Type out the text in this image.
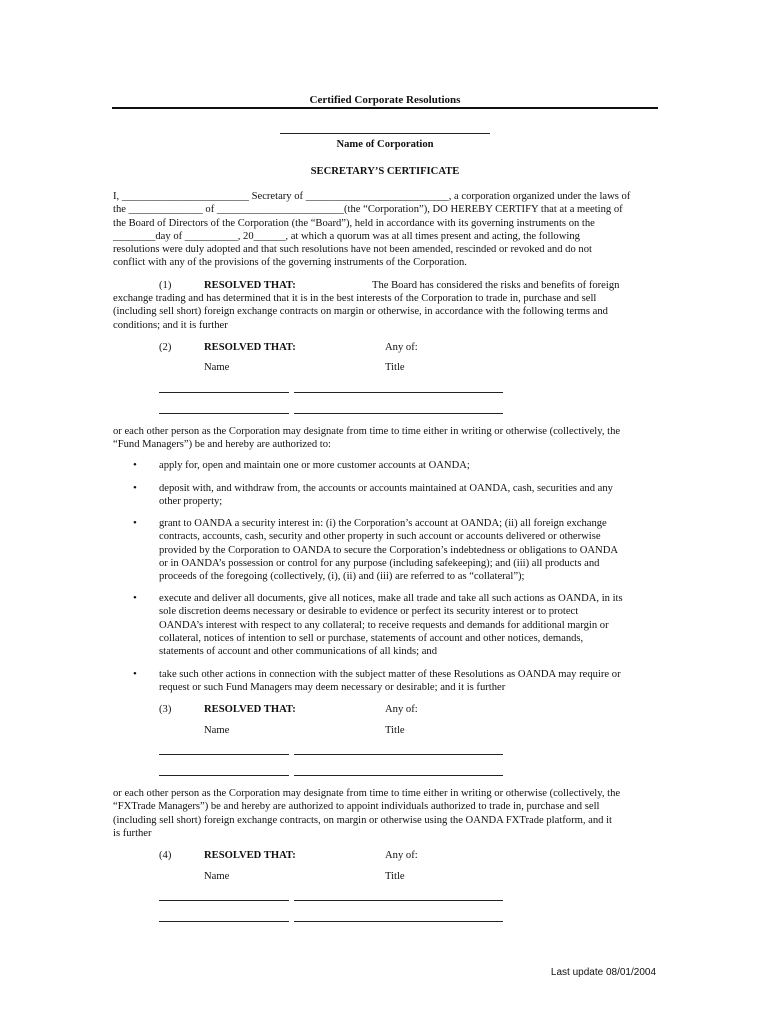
Certified Corporate Resolutions
Name of Corporation
SECRETARY’S CERTIFICATE
I, ________________________ Secretary of ___________________________, a corporation organized under the laws of
the ______________ of ________________________(the “Corporation”), DO HEREBY CERTIFY that at a meeting of
the Board of Directors of the Corporation (the “Board”), held in accordance with its governing instruments on the
________day of __________, 20______, at which a quorum was at all times present and acting, the following
resolutions were duly adopted and that such resolutions have not been amended, rescinded or revoked and do not
conflict with any of the provisions of the governing instruments of the Corporation.
(1)	RESOLVED THAT:	The Board has considered the risks and benefits of foreign
exchange trading and has determined that it is in the best interests of the Corporation to trade in, purchase and sell
(including sell short) foreign exchange contracts on margin or otherwise, in accordance with the following terms and
conditions; and it is further
(2)	RESOLVED THAT:	Any of:
Name	Title
or each other person as the Corporation may designate from time to time either in writing or otherwise (collectively, the
“Fund Managers”) be and hereby are authorized to:
• apply for, open and maintain one or more customer accounts at OANDA;
• deposit with, and withdraw from, the accounts or accounts maintained at OANDA, cash, securities and any
other property;
• grant to OANDA a security interest in: (i) the Corporation’s account at OANDA; (ii) all foreign exchange
contracts, accounts, cash, security and other property in such account or accounts delivered or otherwise
provided by the Corporation to OANDA to secure the Corporation’s indebtedness or obligations to OANDA
or in OANDA’s possession or control for any purpose (including safekeeping); and (iii) all products and
proceeds of the foregoing (collectively, (i), (ii) and (iii) are referred to as “collateral”);
• execute and deliver all documents, give all notices, make all trade and take all such actions as OANDA, in its
sole discretion deems necessary or desirable to evidence or perfect its security interest or to protect
OANDA’s interest with respect to any collateral; to receive requests and demands for additional margin or
collateral, notices of intention to sell or purchase, statements of account and other notices, demands,
statements of account and other communications of all kinds; and
• take such other actions in connection with the subject matter of these Resolutions as OANDA may require or
request or such Fund Managers may deem necessary or desirable; and it is further
(3)	RESOLVED THAT:	Any of:
Name	Title
or each other person as the Corporation may designate from time to time either in writing or otherwise (collectively, the
“FXTrade Managers”) be and hereby are authorized to appoint individuals authorized to trade in, purchase and sell
(including sell short) foreign exchange contracts, on margin or otherwise using the OANDA FXTrade platform, and it
is further
(4)	RESOLVED THAT:	Any of:
Name	Title
Last update 08/01/2004
